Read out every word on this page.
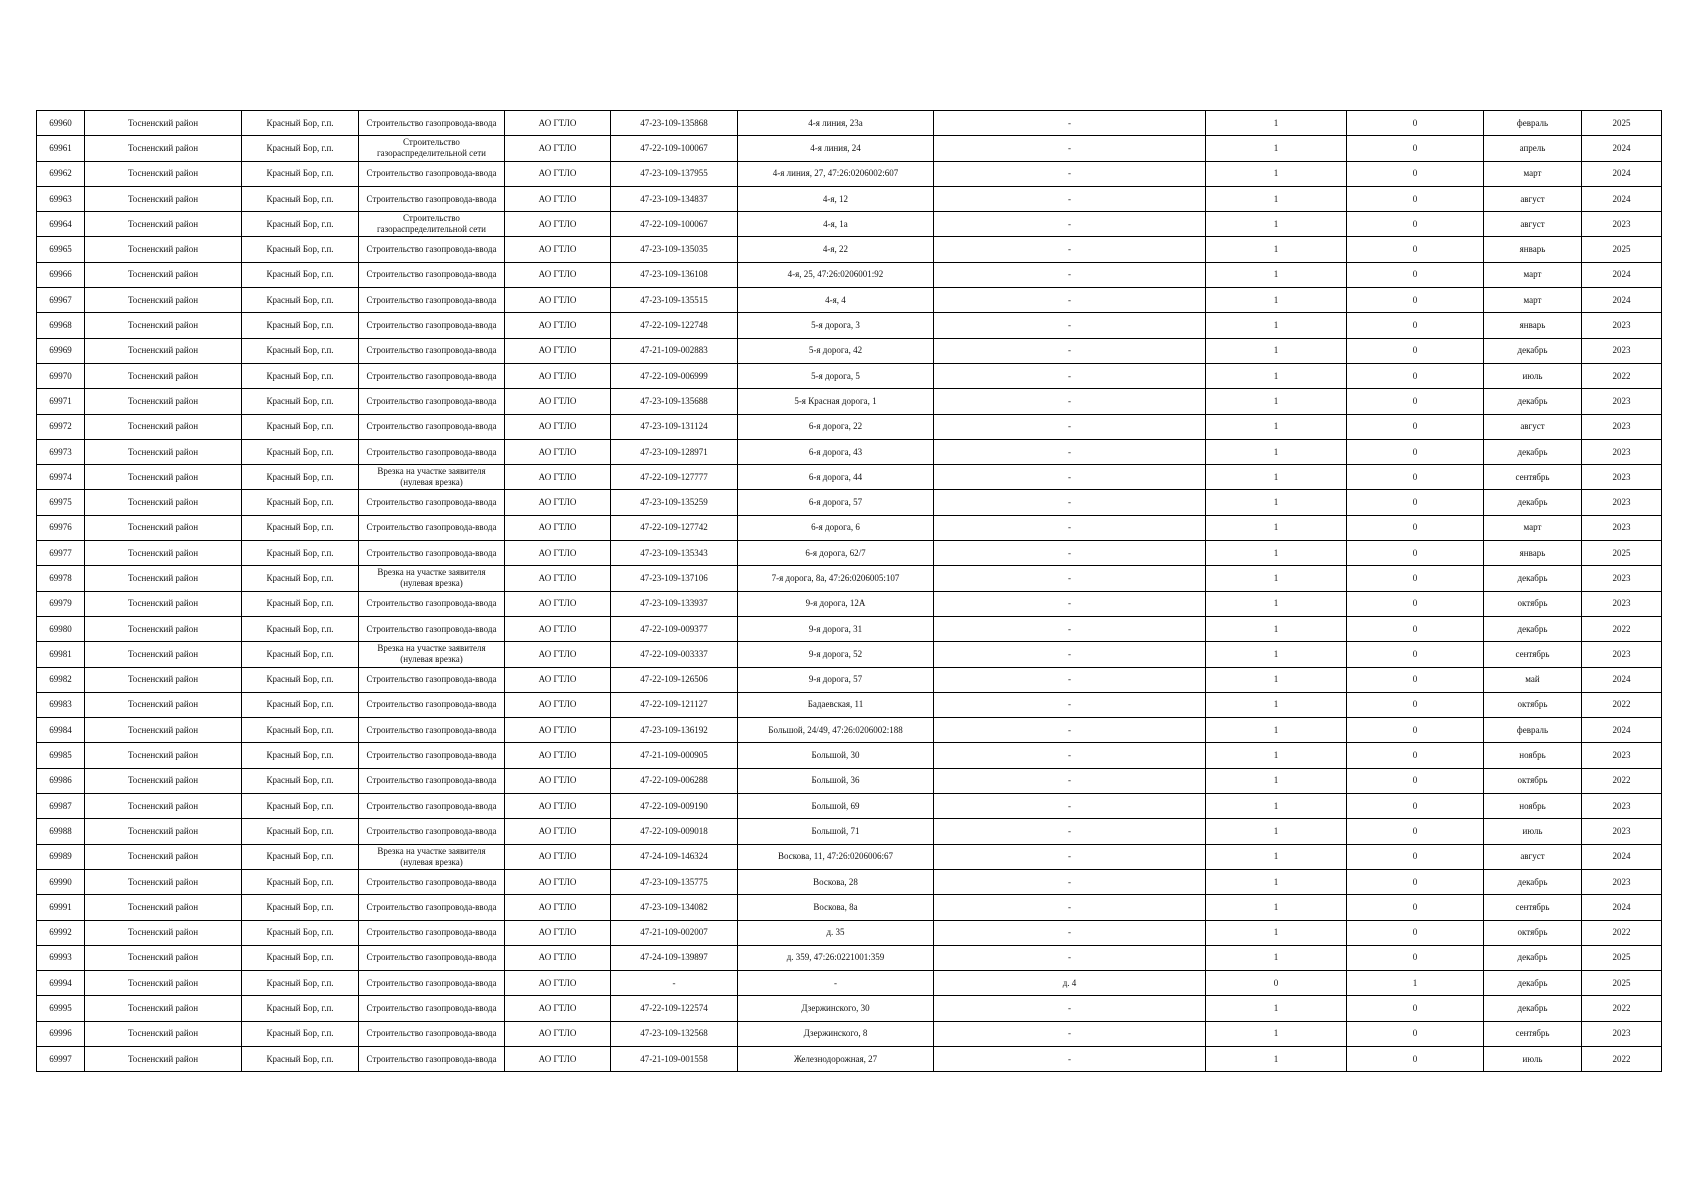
69960	Тосненский район	Красный Бор, г.п.	Строительство газопровода-ввода	АО ГТЛО	47-23-109-135868	4-я линия, 23а	-	1	0	февраль	2025
69961	Тосненский район	Красный Бор, г.п.	Строительство газораспределительной сети	АО ГТЛО	47-22-109-100067	4-я линия, 24	-	1	0	апрель	2024
69962	Тосненский район	Красный Бор, г.п.	Строительство газопровода-ввода	АО ГТЛО	47-23-109-137955	4-я линия, 27, 47:26:0206002:607	-	1	0	март	2024
69963	Тосненский район	Красный Бор, г.п.	Строительство газопровода-ввода	АО ГТЛО	47-23-109-134837	4-я, 12	-	1	0	август	2024
69964	Тосненский район	Красный Бор, г.п.	Строительство газораспределительной сети	АО ГТЛО	47-22-109-100067	4-я, 1а	-	1	0	август	2023
69965	Тосненский район	Красный Бор, г.п.	Строительство газопровода-ввода	АО ГТЛО	47-23-109-135035	4-я, 22	-	1	0	январь	2025
69966	Тосненский район	Красный Бор, г.п.	Строительство газопровода-ввода	АО ГТЛО	47-23-109-136108	4-я, 25, 47:26:0206001:92	-	1	0	март	2024
69967	Тосненский район	Красный Бор, г.п.	Строительство газопровода-ввода	АО ГТЛО	47-23-109-135515	4-я, 4	-	1	0	март	2024
69968	Тосненский район	Красный Бор, г.п.	Строительство газопровода-ввода	АО ГТЛО	47-22-109-122748	5-я дорога, 3	-	1	0	январь	2023
69969	Тосненский район	Красный Бор, г.п.	Строительство газопровода-ввода	АО ГТЛО	47-21-109-002883	5-я дорога, 42	-	1	0	декабрь	2023
69970	Тосненский район	Красный Бор, г.п.	Строительство газопровода-ввода	АО ГТЛО	47-22-109-006999	5-я дорога, 5	-	1	0	июль	2022
69971	Тосненский район	Красный Бор, г.п.	Строительство газопровода-ввода	АО ГТЛО	47-23-109-135688	5-я Красная дорога, 1	-	1	0	декабрь	2023
69972	Тосненский район	Красный Бор, г.п.	Строительство газопровода-ввода	АО ГТЛО	47-23-109-131124	6-я дорога, 22	-	1	0	август	2023
69973	Тосненский район	Красный Бор, г.п.	Строительство газопровода-ввода	АО ГТЛО	47-23-109-128971	6-я дорога, 43	-	1	0	декабрь	2023
69974	Тосненский район	Красный Бор, г.п.	Врезка на участке заявителя (нулевая врезка)	АО ГТЛО	47-22-109-127777	6-я дорога, 44	-	1	0	сентябрь	2023
69975	Тосненский район	Красный Бор, г.п.	Строительство газопровода-ввода	АО ГТЛО	47-23-109-135259	6-я дорога, 57	-	1	0	декабрь	2023
69976	Тосненский район	Красный Бор, г.п.	Строительство газопровода-ввода	АО ГТЛО	47-22-109-127742	6-я дорога, 6	-	1	0	март	2023
69977	Тосненский район	Красный Бор, г.п.	Строительство газопровода-ввода	АО ГТЛО	47-23-109-135343	6-я дорога, 62/7	-	1	0	январь	2025
69978	Тосненский район	Красный Бор, г.п.	Врезка на участке заявителя (нулевая врезка)	АО ГТЛО	47-23-109-137106	7-я дорога, 8а, 47:26:0206005:107	-	1	0	декабрь	2023
69979	Тосненский район	Красный Бор, г.п.	Строительство газопровода-ввода	АО ГТЛО	47-23-109-133937	9-я дорога, 12А	-	1	0	октябрь	2023
69980	Тосненский район	Красный Бор, г.п.	Строительство газопровода-ввода	АО ГТЛО	47-22-109-009377	9-я дорога, 31	-	1	0	декабрь	2022
69981	Тосненский район	Красный Бор, г.п.	Врезка на участке заявителя (нулевая врезка)	АО ГТЛО	47-22-109-003337	9-я дорога, 52	-	1	0	сентябрь	2023
69982	Тосненский район	Красный Бор, г.п.	Строительство газопровода-ввода	АО ГТЛО	47-22-109-126506	9-я дорога, 57	-	1	0	май	2024
69983	Тосненский район	Красный Бор, г.п.	Строительство газопровода-ввода	АО ГТЛО	47-22-109-121127	Бадаевская, 11	-	1	0	октябрь	2022
69984	Тосненский район	Красный Бор, г.п.	Строительство газопровода-ввода	АО ГТЛО	47-23-109-136192	Большой, 24/49, 47:26:0206002:188	-	1	0	февраль	2024
69985	Тосненский район	Красный Бор, г.п.	Строительство газопровода-ввода	АО ГТЛО	47-21-109-000905	Большой, 30	-	1	0	ноябрь	2023
69986	Тосненский район	Красный Бор, г.п.	Строительство газопровода-ввода	АО ГТЛО	47-22-109-006288	Большой, 36	-	1	0	октябрь	2022
69987	Тосненский район	Красный Бор, г.п.	Строительство газопровода-ввода	АО ГТЛО	47-22-109-009190	Большой, 69	-	1	0	ноябрь	2023
69988	Тосненский район	Красный Бор, г.п.	Строительство газопровода-ввода	АО ГТЛО	47-22-109-009018	Большой, 71	-	1	0	июль	2023
69989	Тосненский район	Красный Бор, г.п.	Врезка на участке заявителя (нулевая врезка)	АО ГТЛО	47-24-109-146324	Воскова, 11, 47:26:0206006:67	-	1	0	август	2024
69990	Тосненский район	Красный Бор, г.п.	Строительство газопровода-ввода	АО ГТЛО	47-23-109-135775	Воскова, 28	-	1	0	декабрь	2023
69991	Тосненский район	Красный Бор, г.п.	Строительство газопровода-ввода	АО ГТЛО	47-23-109-134082	Воскова, 8а	-	1	0	сентябрь	2024
69992	Тосненский район	Красный Бор, г.п.	Строительство газопровода-ввода	АО ГТЛО	47-21-109-002007	д. 35	-	1	0	октябрь	2022
69993	Тосненский район	Красный Бор, г.п.	Строительство газопровода-ввода	АО ГТЛО	47-24-109-139897	д. 359, 47:26:0221001:359	-	1	0	декабрь	2025
69994	Тосненский район	Красный Бор, г.п.	Строительство газопровода-ввода	АО ГТЛО	-	-	д. 4	0	1	декабрь	2025
69995	Тосненский район	Красный Бор, г.п.	Строительство газопровода-ввода	АО ГТЛО	47-22-109-122574	Дзержинского, 30	-	1	0	декабрь	2022
69996	Тосненский район	Красный Бор, г.п.	Строительство газопровода-ввода	АО ГТЛО	47-23-109-132568	Дзержинского, 8	-	1	0	сентябрь	2023
69997	Тосненский район	Красный Бор, г.п.	Строительство газопровода-ввода	АО ГТЛО	47-21-109-001558	Железнодорожная, 27	-	1	0	июль	2022
